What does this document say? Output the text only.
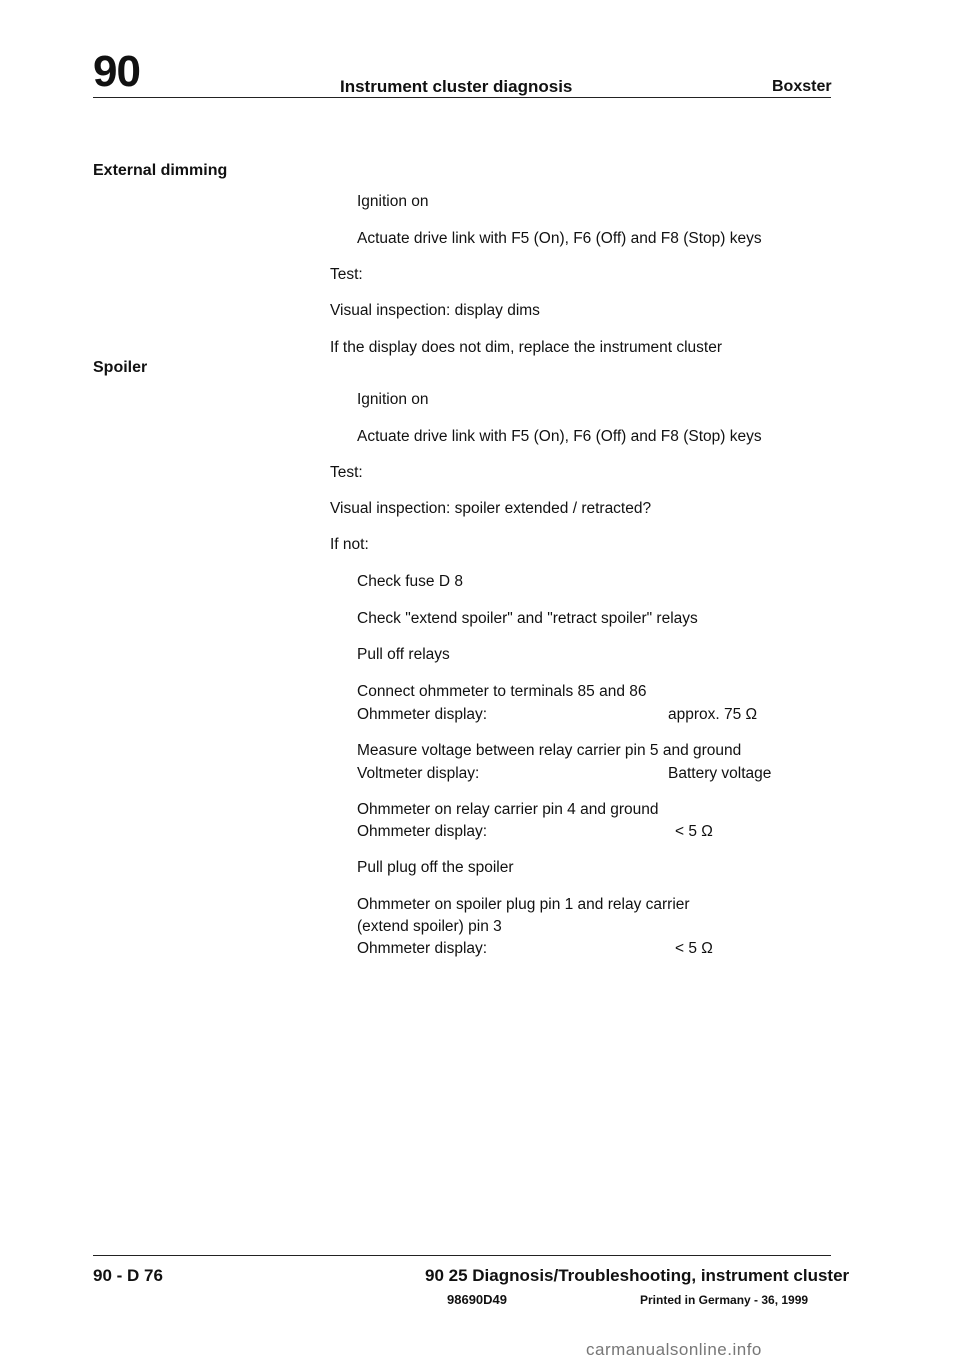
90	Instrument cluster diagnosis	Boxster
External dimming
Ignition on
Actuate drive link with F5 (On), F6 (Off) and F8 (Stop) keys
Test:
Visual inspection: display dims
If the display does not dim, replace the instrument cluster
Spoiler
Ignition on
Actuate drive link with F5 (On), F6 (Off) and F8 (Stop) keys
Test:
Visual inspection: spoiler extended / retracted?
If not:
Check fuse D 8
Check "extend spoiler" and "retract spoiler" relays
Pull off relays
Connect ohmmeter to terminals 85 and 86
Ohmmeter display:	approx. 75 Ω
Measure voltage between relay carrier pin 5 and ground
Voltmeter display:	Battery voltage
Ohmmeter on relay carrier pin 4 and ground
Ohmmeter display:	< 5 Ω
Pull plug off the spoiler
Ohmmeter on spoiler plug pin 1 and relay carrier
(extend spoiler) pin 3
Ohmmeter display:	< 5 Ω
90 - D 76	90 25 Diagnosis/Troubleshooting, instrument cluster
98690D49	Printed in Germany - 36, 1999
carmanualsonline.info
